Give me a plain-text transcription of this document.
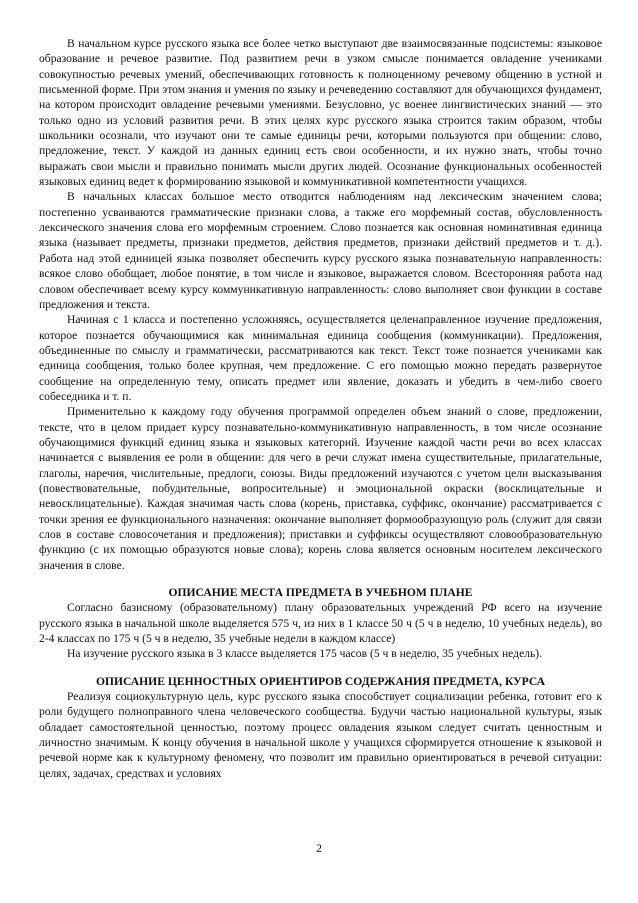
В начальном курсе русского языка все более четко выступают две взаимосвязанные подсистемы: языковое образование и речевое развитие. Под развитием речи в узком смысле понимается овладение учениками совокупностью речевых умений, обеспечивающих готовность к полноценному речевому общению в устной и письменной форме. При этом знания и умения по языку и речеведению составляют для обучающихся фундамент, на котором происходит овладение речевыми умениями. Безусловно, ус военее лингвистических знаний — это только одно из условий развития речи. В этих целях курс русского языка строится таким образом, чтобы школьники осознали, что изучают они те самые единицы речи, которыми пользуются при общении: слово, предложение, текст. У каждой из данных единиц есть свои особенности, и их нужно знать, чтобы точно выражать свои мысли и правильно понимать мысли других людей. Осознание функциональных особенностей языковых единиц ведет к формированию языковой и коммуникативной компетентности учащихся.

В начальных классах большое место отводится наблюдениям над лексическим значением слова; постепенно усваиваются грамматические признаки слова, а также его морфемный состав, обусловленность лексического значения слова его морфемным строением. Слово познается как основная номинативная единица языка (называет предметы, признаки предметов, действия предметов, признаки действий предметов и т. д.). Работа над этой единицей языка позволяет обеспечить курсу русского языка познавательную направленность: всякое слово обобщает, любое понятие, в том числе и языковое, выражается словом. Всесторонняя работа над словом обеспечивает всему курсу коммуникативную направленность: слово выполняет свои функции в составе предложения и текста.

Начиная с 1 класса и постепенно усложняясь, осуществляется целенаправленное изучение предложения, которое познается обучающимися как минимальная единица сообщения (коммуникации). Предложения, объединенные по смыслу и грамматически, рассматриваются как текст. Текст тоже познается учениками как единица сообщения, только более крупная, чем предложение. С его помощью можно передать развернутое сообщение на определенную тему, описать предмет или явление, доказать и убедить в чем-либо своего собеседника и т. п.

Применительно к каждому году обучения программой определен объем знаний о слове, предложении, тексте, что в целом придает курсу познавательно-коммуникативную направленность, в том числе осознание обучающимися функций единиц языка и языковых категорий. Изучение каждой части речи во всех классах начинается с выявления ее роли в общении: для чего в речи служат имена существительные, прилагательные, глаголы, наречия, числительные, предлоги, союзы. Виды предложений изучаются с учетом цели высказывания (повествовательные, побудительные, вопросительные) и эмоциональной окраски (восклицательные и невосклицательные). Каждая значимая часть слова (корень, приставка, суффикс, окончание) рассматривается с точки зрения ее функционального назначения: окончание выполняет формообразующую роль (служит для связи слов в составе словосочетания и предложения); приставки и суффиксы осуществляют словообразовательную функцию (с их помощью образуются новые слова); корень слова является основным носителем лексического значения в слове.

ОПИСАНИЕ МЕСТА ПРЕДМЕТА В УЧЕБНОМ ПЛАНЕ

Согласно базисному (образовательному) плану образовательных учреждений РФ всего на изучение русского языка в начальной школе выделяется 575 ч, из них в 1 классе 50 ч (5 ч в неделю, 10 учебных недель), во 2-4 классах по 175 ч (5 ч в неделю, 35 учебные недели в каждом классе)

На изучение русского языка в 3 классе выделяется 175 часов (5 ч в неделю, 35 учебных недель).

ОПИСАНИЕ ЦЕННОСТНЫХ ОРИЕНТИРОВ СОДЕРЖАНИЯ ПРЕДМЕТА, КУРСА

Реализуя социокультурную цель, курс русского языка способствует социализации ребенка, готовит его к роли будущего полноправного члена человеческого сообщества. Будучи частью национальной культуры, язык обладает самостоятельной ценностью, поэтому процесс овладения языком следует считать ценностным и личностно значимым. К концу обучения в начальной школе у учащихся сформируется отношение к языковой и речевой норме как к культурному феномену, что позволит им правильно ориентироваться в речевой ситуации: целях, задачах, средствах и условиях

2
